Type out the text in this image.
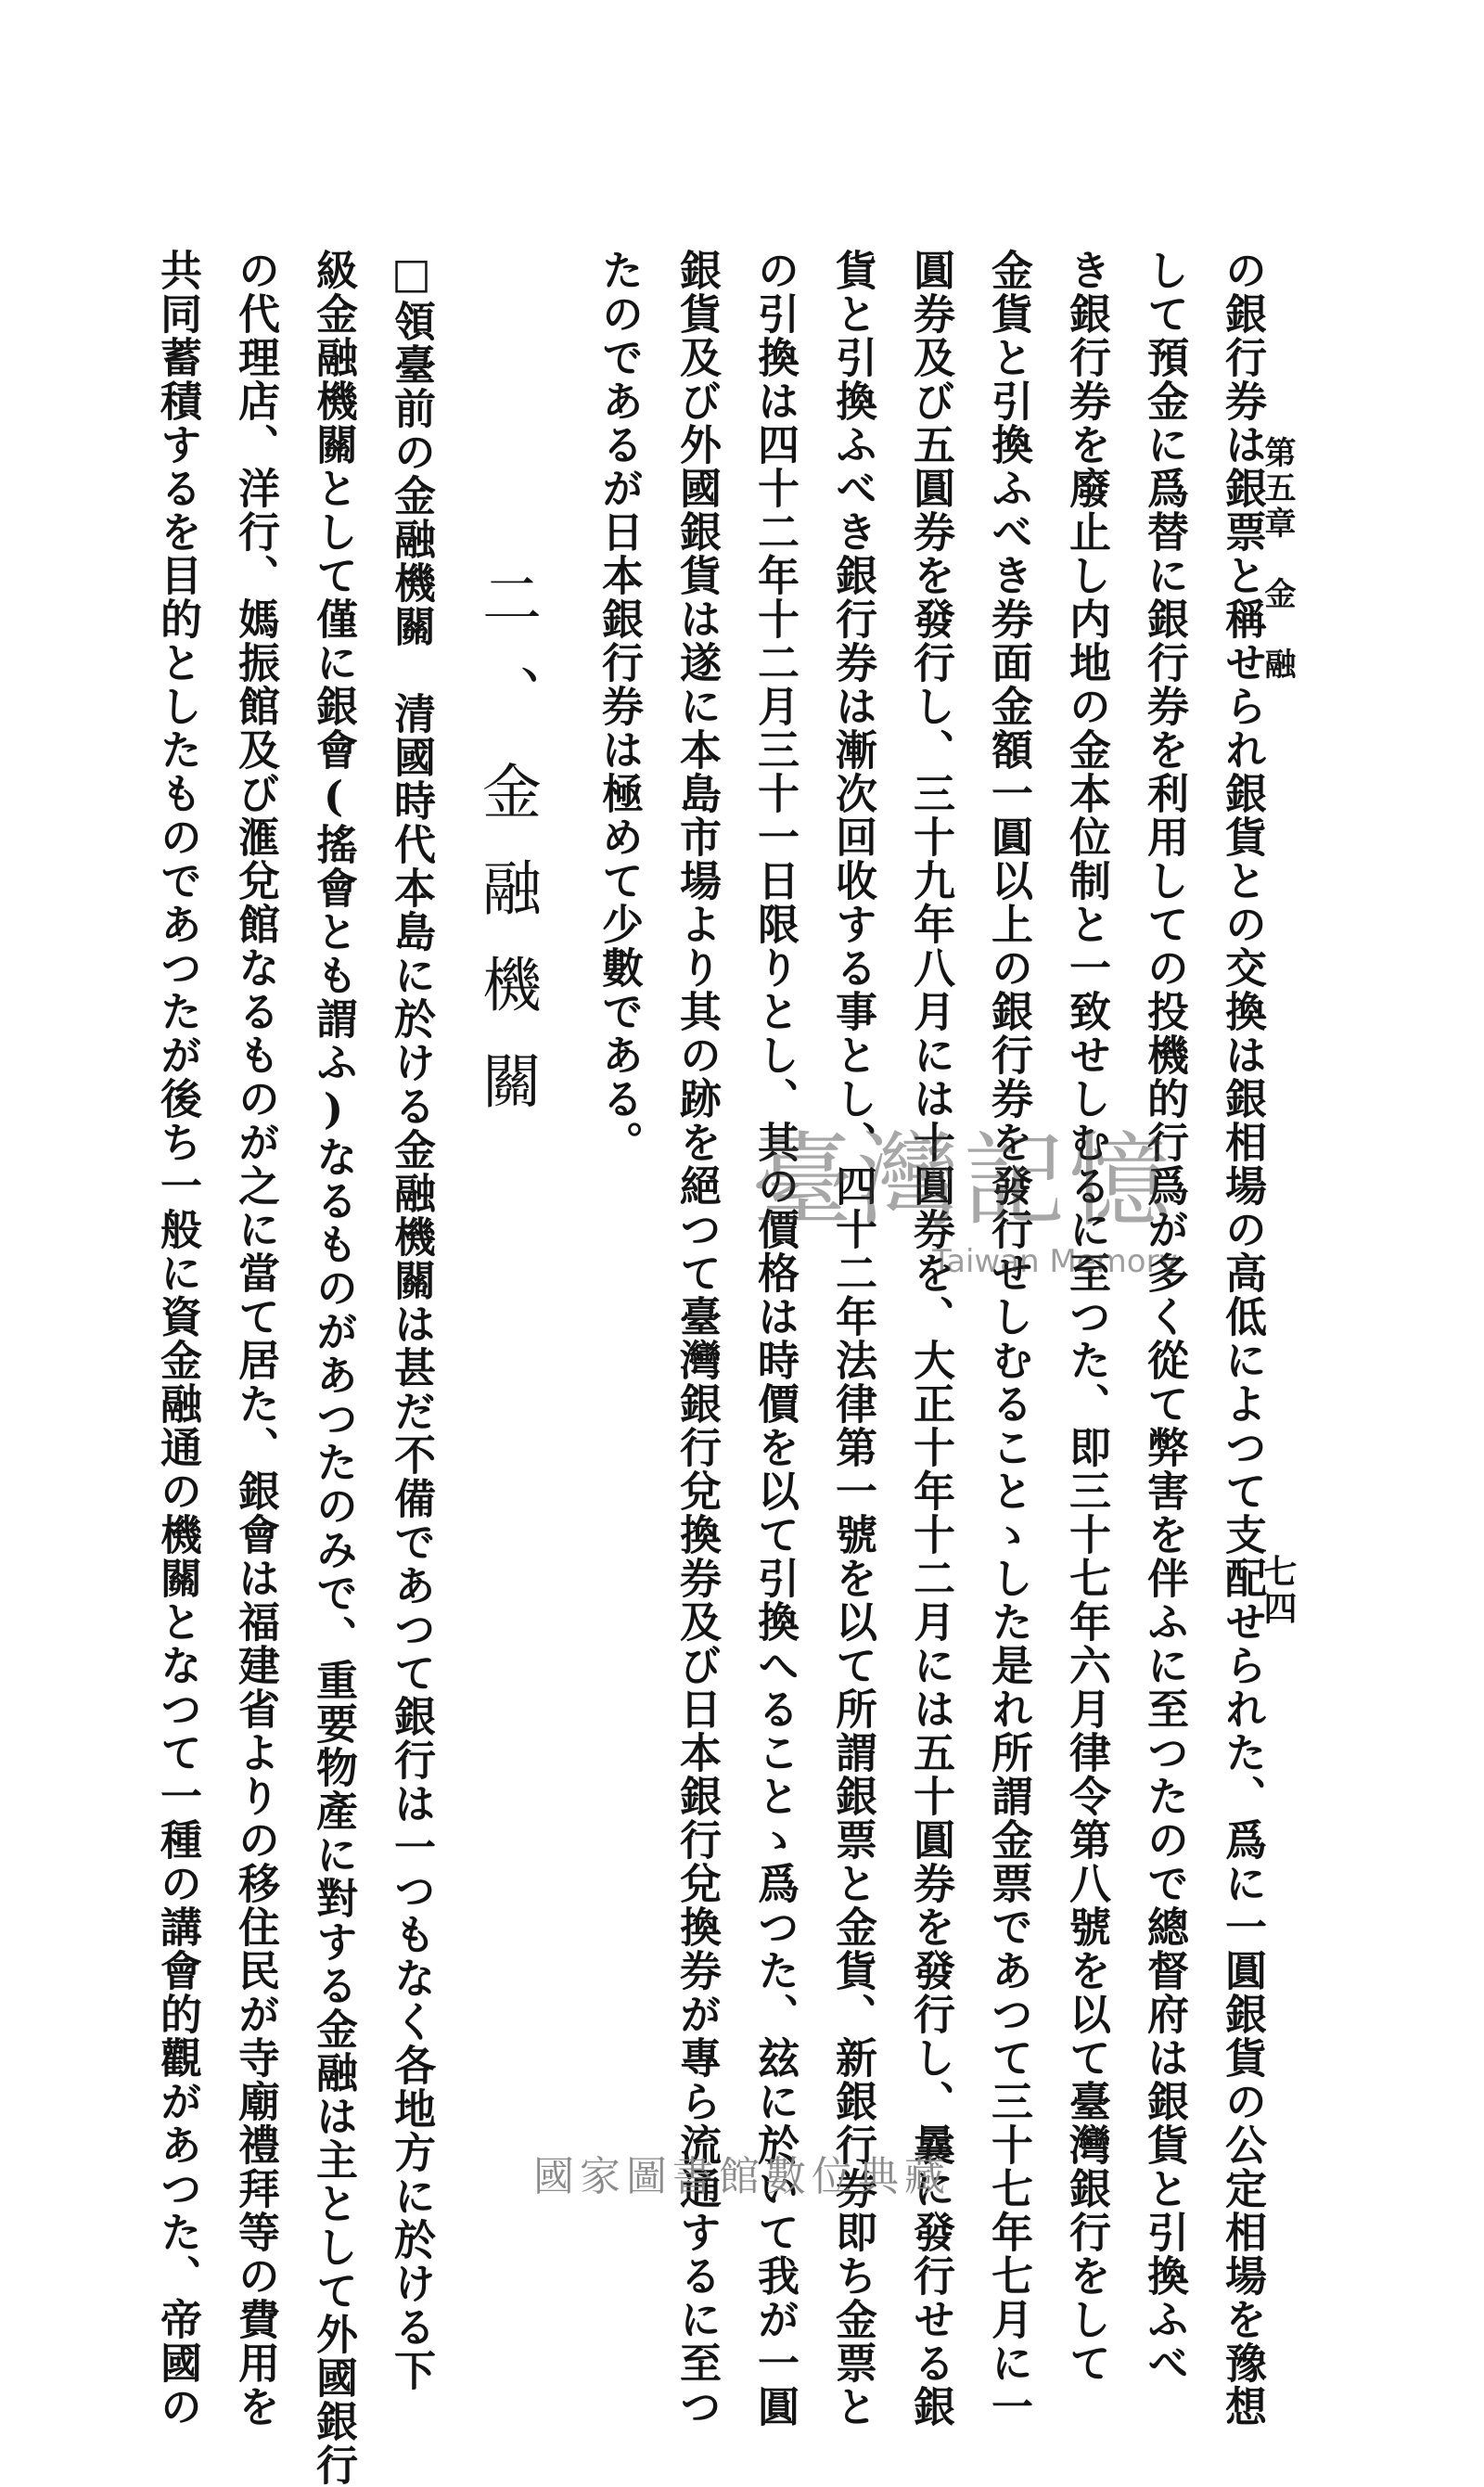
第五章　金　融
七四
の銀行券は銀票と稱せられ銀貨との交換は銀相場の高低によつて支配せられた、爲に一圓銀貨の公定相場を豫想
して預金に爲替に銀行券を利用しての投機的行爲が多く從て弊害を伴ふに至つたので總督府は銀貨と引換ふべ
き銀行券を廢止し内地の金本位制と一致せしむるに至つた、即三十七年六月律令第八號を以て臺灣銀行をして
金貨と引換ふべき券面金額一圓以上の銀行券を發行せしむることゝした是れ所謂金票であつて三十七年七月に一
圓券及び五圓券を發行し、三十九年八月には十圓券を、大正十年十二月には五十圓券を發行し、曩に發行せる銀
貨と引換ふべき銀行券は漸次回收する事とし、四十二年法律第一號を以て所謂銀票と金貨、新銀行券即ち金票と
の引換は四十二年十二月三十一日限りとし、其の價格は時價を以て引換へることゝ爲つた、玆に於いて我が一圓
銀貨及び外國銀貨は遂に本島市場より其の跡を絕つて臺灣銀行兌換券及び日本銀行兌換券が專ら流通するに至つ
たのであるが日本銀行券は極めて少數である。
二、金融機關
□領臺前の金融機關　清國時代本島に於ける金融機關は甚だ不備であつて銀行は一つもなく各地方に於ける下
級金融機關として僅に銀會(搖會とも謂ふ)なるものがあつたのみで、重要物產に對する金融は主として外國銀行
の代理店、洋行、媽振館及び滙兌館なるものが之に當て居た、銀會は福建省よりの移住民が寺廟禮拜等の費用を
共同蓄積するを目的としたものであつたが後ち一般に資金融通の機關となつて一種の講會的觀があつた、帝國の	臺灣記憶
Taiwan Memory
國家圖書館數位典藏
